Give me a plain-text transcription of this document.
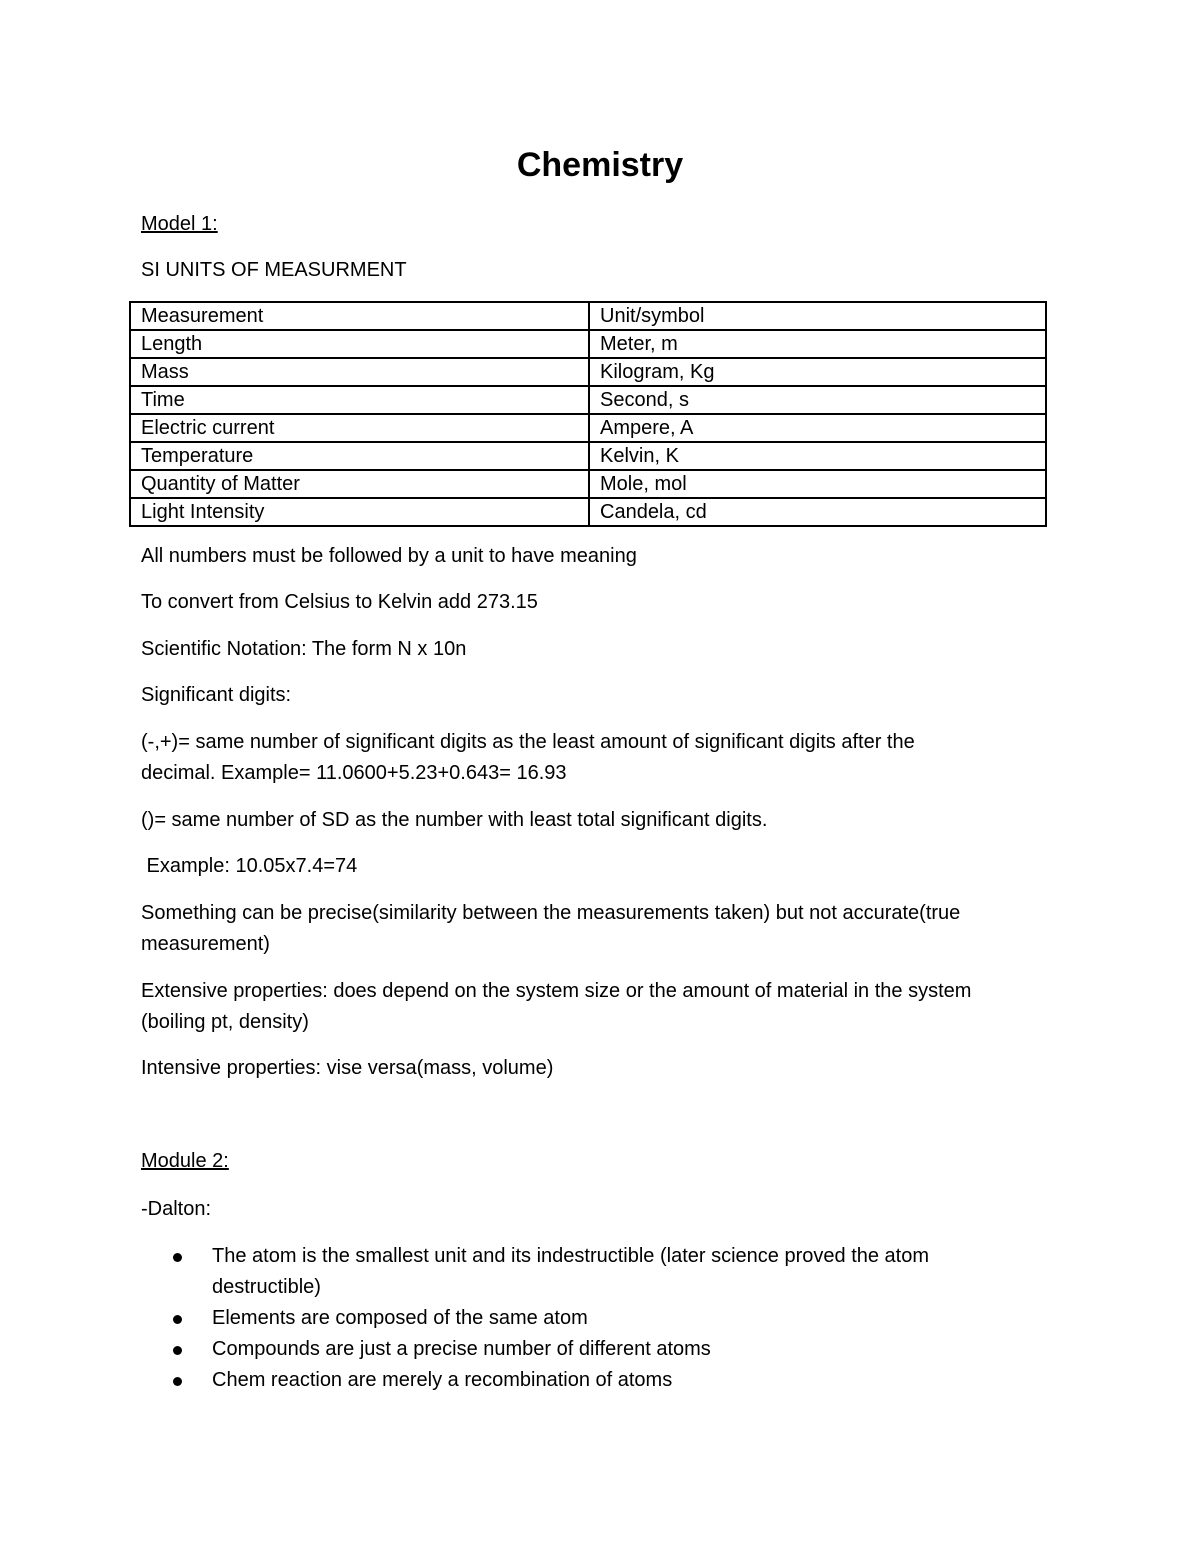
Chemistry

Model 1:

SI UNITS OF MEASURMENT

Measurement	Unit/symbol
Length	Meter, m
Mass	Kilogram, Kg
Time	Second, s
Electric current	Ampere, A
Temperature	Kelvin, K
Quantity of Matter	Mole, mol
Light Intensity	Candela, cd

All numbers must be followed by a unit to have meaning

To convert from Celsius to Kelvin add 273.15

Scientific Notation: The form N x 10n

Significant digits:

(-,+)= same number of significant digits as the least amount of significant digits after the

decimal. Example= 11.0600+5.23+0.643= 16.93

()= same number of SD as the number with least total significant digits.

Example: 10.05x7.4=74

Something can be precise(similarity between the measurements taken) but not accurate(true

measurement)

Extensive properties: does depend on the system size or the amount of material in the system

(boiling pt, density)

Intensive properties: vise versa(mass, volume)

Module 2:

-Dalton:

The atom is the smallest unit and its indestructible (later science proved the atom destructible)
Elements are composed of the same atom
Compounds are just a precise number of different atoms
Chem reaction are merely a recombination of atoms
